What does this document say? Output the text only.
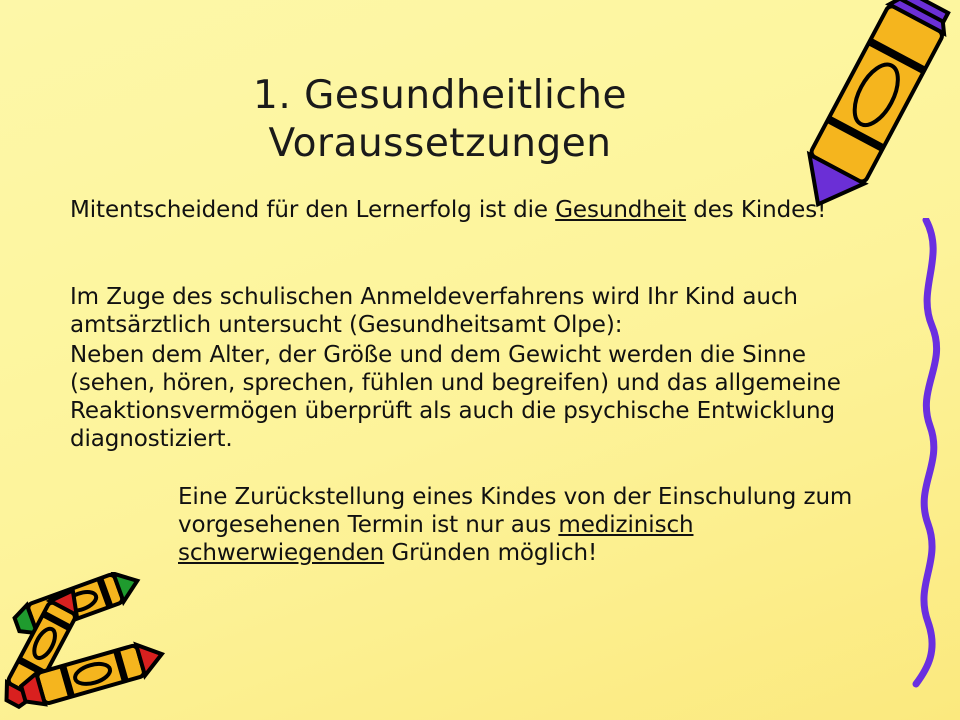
1. Gesundheitliche
Voraussetzungen
Mitentscheidend für den Lernerfolg ist die Gesundheit des Kindes!
Im Zuge des schulischen Anmeldeverfahrens wird Ihr Kind auch amtsärztlich untersucht (Gesundheitsamt Olpe):
Neben dem Alter, der Größe und dem Gewicht werden die Sinne (sehen, hören, sprechen, fühlen und begreifen) und das allgemeine Reaktionsvermögen überprüft als auch die psychische Entwicklung diagnostiziert.
Eine Zurückstellung eines Kindes von der Einschulung zum vorgesehenen Termin ist nur aus medizinisch schwerwiegenden Gründen möglich!
